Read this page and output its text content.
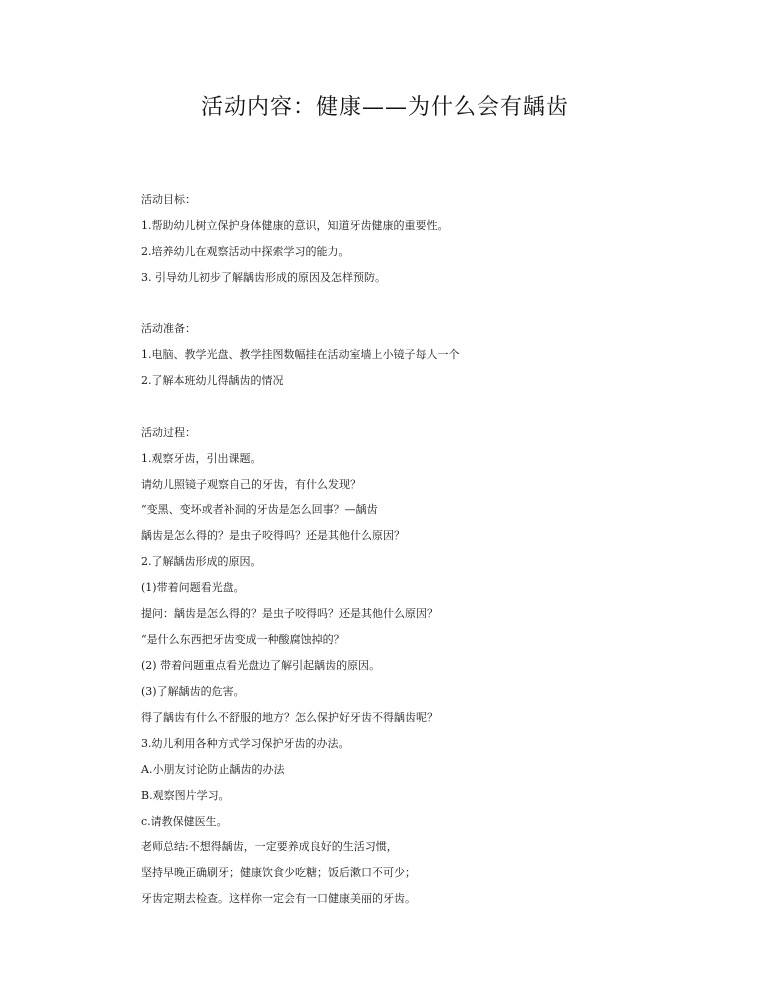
活动内容：健康——为什么会有龋齿
活动目标：
1.帮助幼儿树立保护身体健康的意识，知道牙齿健康的重要性。
2.培养幼儿在观察活动中探索学习的能力。
3. 引导幼儿初步了解龋齿形成的原因及怎样预防。
活动准备：
1.电脑、教学光盘、教学挂图数幅挂在活动室墙上小镜子每人一个
2.了解本班幼儿得龋齿的情况
活动过程：
1.观察牙齿，引出课题。
请幼儿照镜子观察自己的牙齿，有什么发现？
“变黑、变坏或者补洞的牙齿是怎么回事？—龋齿
龋齿是怎么得的？是虫子咬得吗？还是其他什么原因？
2.了解龋齿形成的原因。
(1)带着问题看光盘。
提问：龋齿是怎么得的？是虫子咬得吗？还是其他什么原因？
“是什么东西把牙齿变成一种酸腐蚀掉的？
(2) 带着问题重点看光盘边了解引起龋齿的原因。
(3)了解龋齿的危害。
得了龋齿有什么不舒服的地方？怎么保护好牙齿不得龋齿呢？
3.幼儿利用各种方式学习保护牙齿的办法。
A.小朋友讨论防止龋齿的办法
B.观察图片学习。
c.请教保健医生。
老师总结:不想得龋齿，一定要养成良好的生活习惯，
坚持早晚正确刷牙；健康饮食少吃糖；饭后漱口不可少；
牙齿定期去检查。这样你一定会有一口健康美丽的牙齿。
